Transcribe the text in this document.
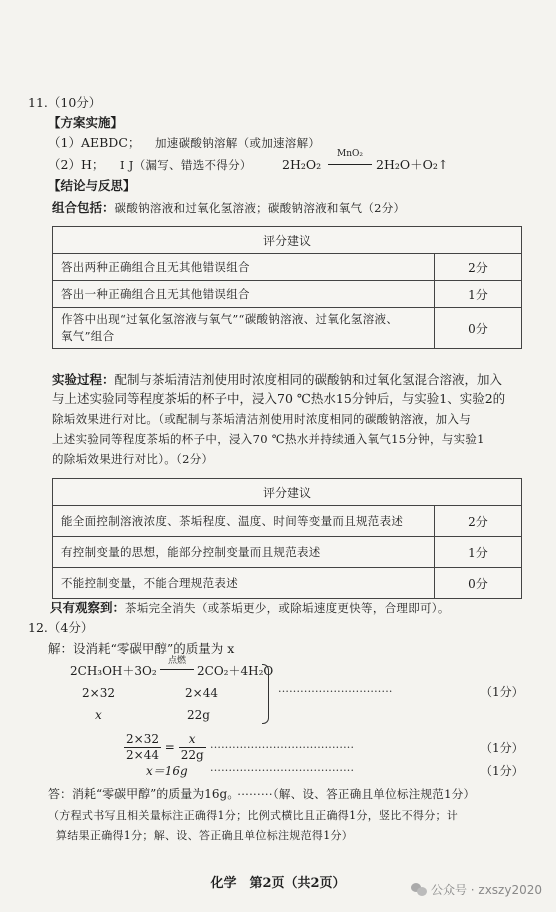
11.（10分）
【方案实施】
（1）AEBDC； 加速碳酸钠溶解（或加速溶解）
（2）H； I J（漏写、错选不得分） 2H₂O₂
MnO₂
2H₂O＋O₂↑
【结论与反思】
组合包括：碳酸钠溶液和过氧化氢溶液；碳酸钠溶液和氧气（2分）
评分建议	
答出两种正确组合且无其他错误组合	2分
答出一种正确组合且无其他错误组合	1分

作答中出现“过氧化氢溶液与氧气”“碳酸钠溶液、过氧化氢溶液、
氧气”组合	0分
实验过程：配制与茶垢清洁剂使用时浓度相同的碳酸钠和过氧化氢混合溶液，加入
与上述实验同等程度茶垢的杯子中，浸入70 ℃热水15分钟后，与实验1、实验2的
除垢效果进行对比。（或配制与茶垢清洁剂使用时浓度相同的碳酸钠溶液，加入与
上述实验同等程度茶垢的杯子中，浸入70 ℃热水并持续通入氧气15分钟，与实验1
的除垢效果进行对比）。（2分）
评分建议	
能全面控制溶液浓度、茶垢程度、温度、时间等变量而且规范表述	2分
有控制变量的思想，能部分控制变量而且规范表述	1分
不能控制变量，不能合理规范表述	0分
只有观察到：茶垢完全消失（或茶垢更少，或除垢速度更快等，合理即可）。
12.（4分）
解：设消耗“零碳甲醇”的质量为 x
2CH₃OH＋3O₂
点燃
2CO₂＋4H₂O
2×32	2×44
x	22g
·······························	（1分）
$\frac{2\times 32}{2\times 44} = \frac{x}{22g}$ ·······································	（1分）
x＝16g ·······································	（1分）
答：消耗“零碳甲醇”的质量为16g。 ·········（解、设、答正确且单位标注规范1分）
（方程式书写且相关量标注正确得1分；比例式横比且正确得1分，竖比不得分；计
算结果正确得1分；解、设、答正确且单位标注规范得1分）
化学　第2页（共2页）	公众号 · zxszy2020
